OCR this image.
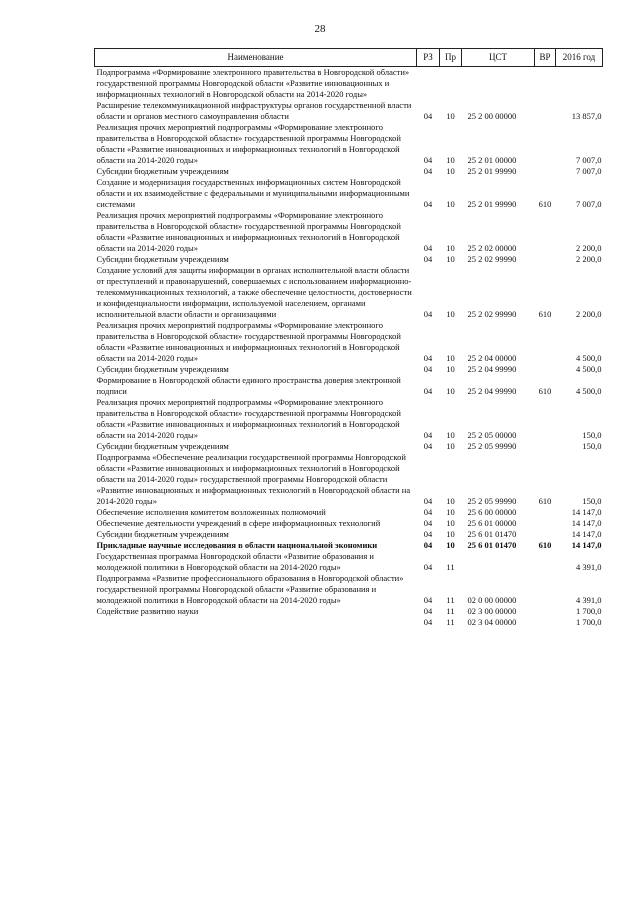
28
Наименование	РЗ	Пр	ЦСТ	ВР	2016 год
Подпрограмма «Формирование электронного правительства в Новгородской области» государственной программы Новгородской области «Развитие инновационных и информационных технологий в Новгородской области на 2014-2020 годы»					
Расширение телекоммуникационной инфраструктуры органов государственной власти области и органов местного самоуправления области	04	10	25 2 00 00000		13 857,0
Реализация прочих мероприятий подпрограммы «Формирование электронного правительства в Новгородской области» государственной программы Новгородской области «Развитие инновационных и информационных технологий в Новгородской области на 2014-2020 годы»	04	10	25 2 01 00000		7 007,0
Субсидии бюджетным учреждениям	04	10	25 2 01 99990		7 007,0
Создание и модернизация государственных информационных систем Новгородской области и их взаимодействие с федеральными и муниципальными информационными системами	04	10	25 2 01 99990	610	7 007,0
Реализация прочих мероприятий подпрограммы «Формирование электронного правительства в Новгородской области» государственной программы Новгородской области «Развитие инновационных и информационных технологий в Новгородской области на 2014-2020 годы»	04	10	25 2 02 00000		2 200,0
Субсидии бюджетным учреждениям	04	10	25 2 02 99990		2 200,0
Создание условий для защиты информации в органах исполнительной власти области от преступлений и правонарушений, совершаемых с использованием информационно-телекоммуникационных технологий, а также обеспечение целостности, достоверности и конфиденциальности информации, используемой населением, органами исполнительной власти области и организациями	04	10	25 2 02 99990	610	2 200,0
Реализация прочих мероприятий подпрограммы «Формирование электронного правительства в Новгородской области» государственной программы Новгородской области «Развитие инновационных и информационных технологий в Новгородской области на 2014-2020 годы»	04	10	25 2 04 00000		4 500,0
Субсидии бюджетным учреждениям	04	10	25 2 04 99990		4 500,0
Формирование в Новгородской области единого пространства доверия электронной подписи	04	10	25 2 04 99990	610	4 500,0
Реализация прочих мероприятий подпрограммы «Формирование электронного правительства в Новгородской области» государственной программы Новгородской области «Развитие инновационных и информационных технологий в Новгородской области на 2014-2020 годы»	04	10	25 2 05 00000		150,0
Субсидии бюджетным учреждениям	04	10	25 2 05 99990		150,0
Подпрограмма «Обеспечение реализации государственной программы Новгородской области «Развитие инновационных и информационных технологий в Новгородской области на 2014-2020 годы» государственной программы Новгородской области «Развитие инновационных и информационных технологий в Новгородской области на 2014-2020 годы»	04	10	25 2 05 99990	610	150,0
Обеспечение исполнения комитетом возложенных полномочий	04	10	25 6 00 00000		14 147,0
Обеспечение деятельности учреждений в сфере информационных технологий	04	10	25 6 01 00000		14 147,0
Субсидии бюджетным учреждениям	04	10	25 6 01 01470		14 147,0
Прикладные научные исследования в области национальной экономики	04	10	25 6 01 01470	610	14 147,0
Государственная программа Новгородской области «Развитие образования и молодежной политики в Новгородской области на 2014-2020 годы»	04	11			4 391,0
Подпрограмма «Развитие профессионального образования в Новгородской области» государственной программы Новгородской области «Развитие образования и молодежной политики в Новгородской области на 2014-2020 годы»	04	11	02 0 00 00000		4 391,0
Содействие развитию науки	04	11	02 3 00 00000		1 700,0
	04	11	02 3 04 00000		1 700,0
